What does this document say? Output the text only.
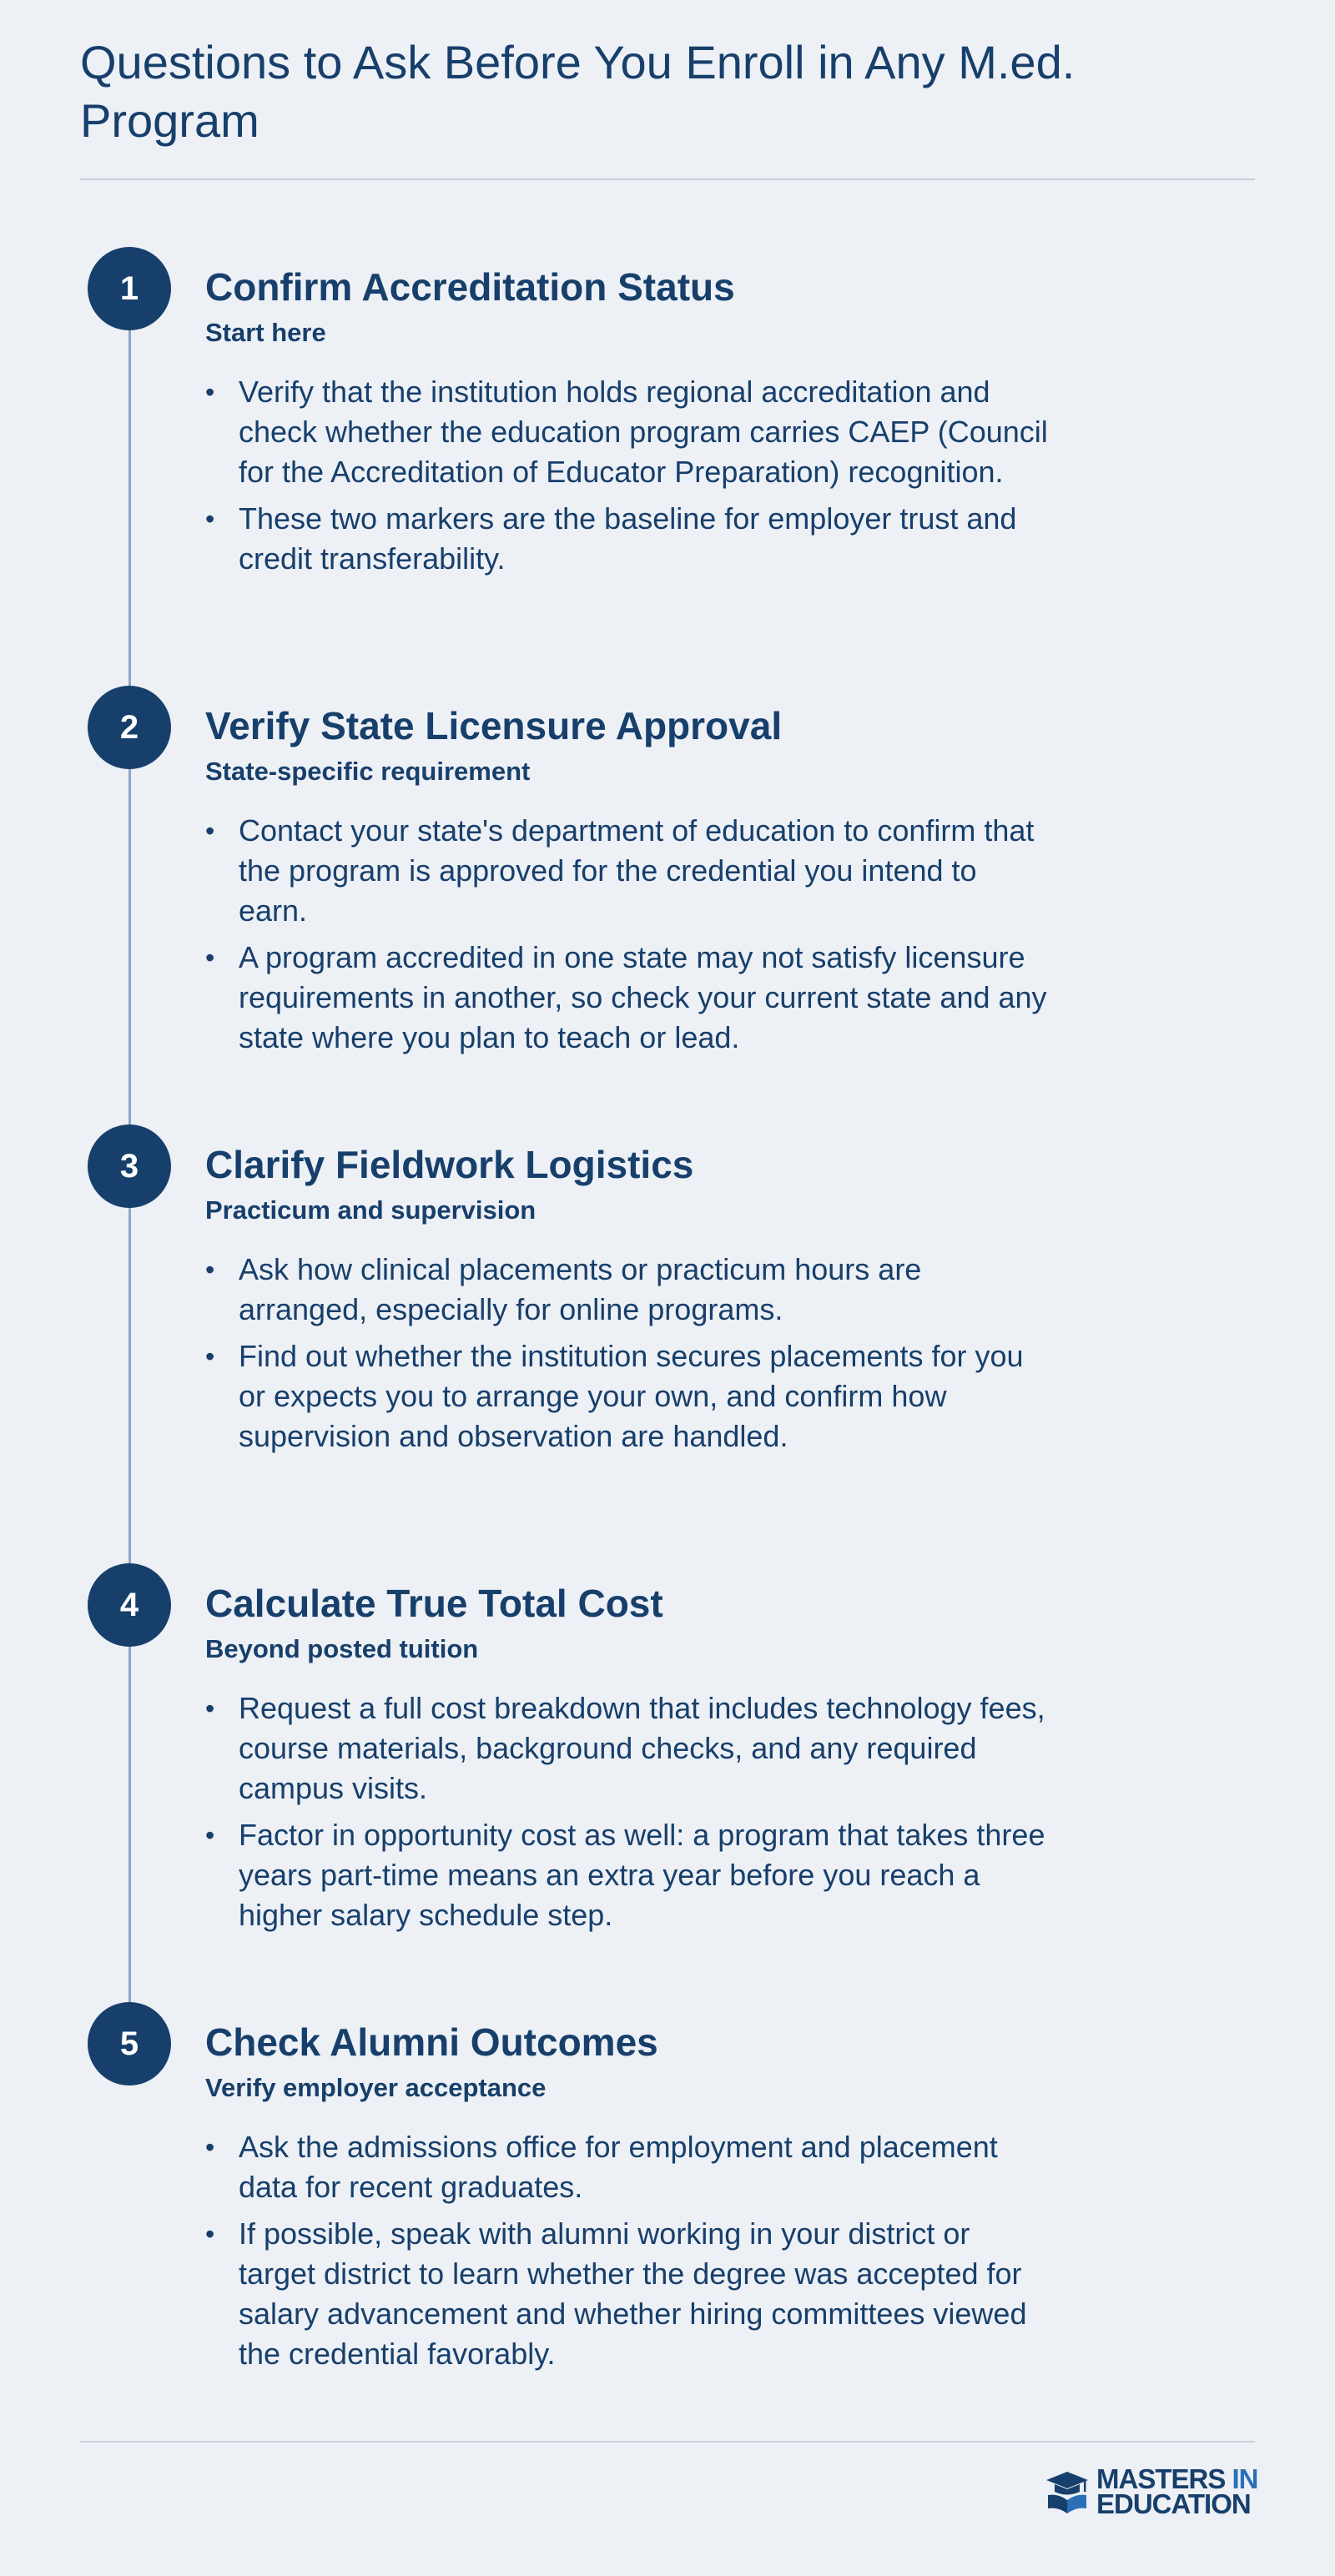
Questions to Ask Before You Enroll in Any M.ed. Program
1	Confirm Accreditation Status
Start here
• Verify that the institution holds regional accreditation and check whether the education program carries CAEP (Council for the Accreditation of Educator Preparation) recognition.
• These two markers are the baseline for employer trust and credit transferability.
2	Verify State Licensure Approval
State-specific requirement
• Contact your state's department of education to confirm that the program is approved for the credential you intend to earn.
• A program accredited in one state may not satisfy licensure requirements in another, so check your current state and any state where you plan to teach or lead.
3	Clarify Fieldwork Logistics
Practicum and supervision
• Ask how clinical placements or practicum hours are arranged, especially for online programs.
• Find out whether the institution secures placements for you or expects you to arrange your own, and confirm how supervision and observation are handled.
4	Calculate True Total Cost
Beyond posted tuition
• Request a full cost breakdown that includes technology fees, course materials, background checks, and any required campus visits.
• Factor in opportunity cost as well: a program that takes three years part-time means an extra year before you reach a higher salary schedule step.
5	Check Alumni Outcomes
Verify employer acceptance
• Ask the admissions office for employment and placement data for recent graduates.
• If possible, speak with alumni working in your district or target district to learn whether the degree was accepted for salary advancement and whether hiring committees viewed the credential favorably.
MASTERS IN
EDUCATION
